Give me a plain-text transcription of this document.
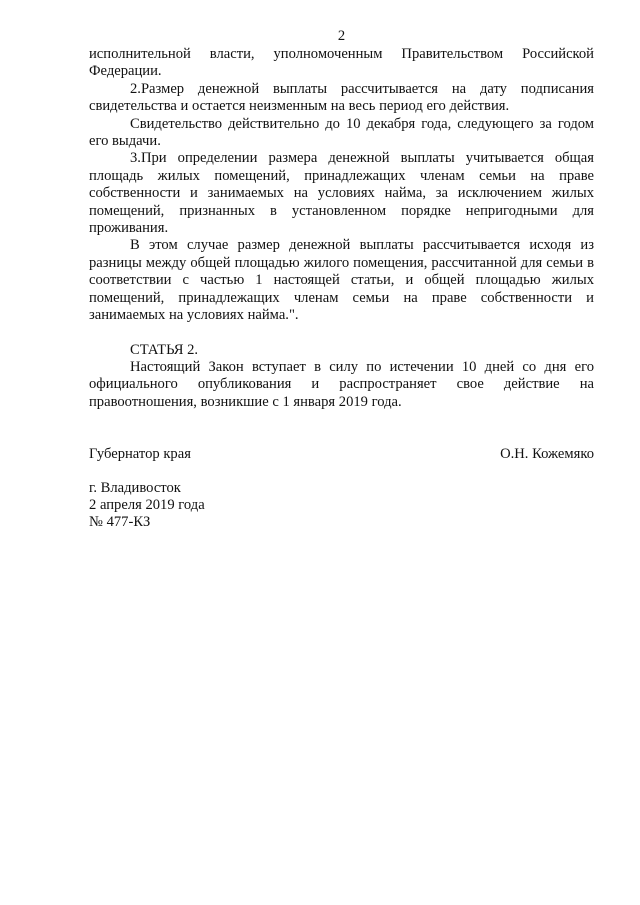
2

исполнительной власти, уполномоченным Правительством Российской Федерации.

2.Размер денежной выплаты рассчитывается на дату подписания свидетельства и остается неизменным на весь период его действия.

Свидетельство действительно до 10 декабря года, следующего за годом его выдачи.

3.При определении размера денежной выплаты учитывается общая площадь жилых помещений, принадлежащих членам семьи на праве собственности и занимаемых на условиях найма, за исключением жилых помещений, признанных в установленном порядке непригодными для проживания.

В этом случае размер денежной выплаты рассчитывается исходя из разницы между общей площадью жилого помещения, рассчитанной для семьи в соответствии с частью 1 настоящей статьи, и общей площадью жилых помещений, принадлежащих членам семьи на праве собственности и занимаемых на условиях найма.".

СТАТЬЯ 2.

Настоящий Закон вступает в силу по истечении 10 дней со дня его официального опубликования и распространяет свое действие на правоотношения, возникшие с 1 января 2019 года.

Губернатор края	О.Н. Кожемяко
г. Владивосток
2 апреля 2019 года
№ 477-КЗ
